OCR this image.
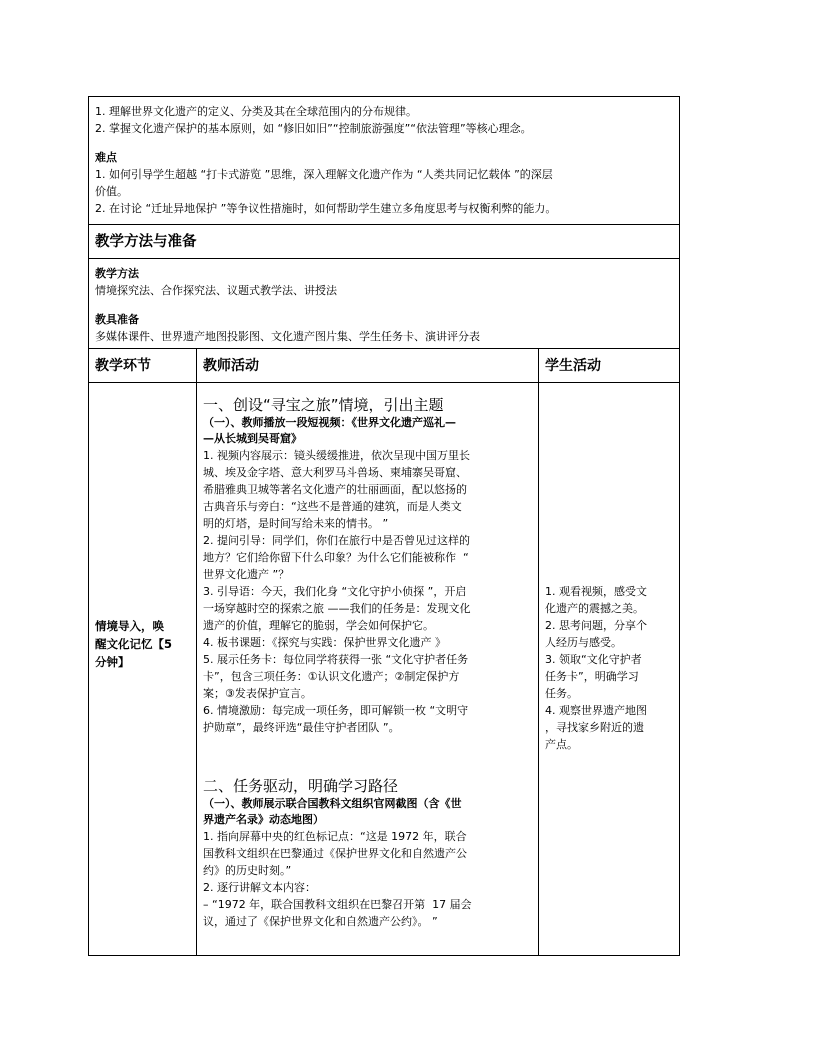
1. 理解世界文化遗产的定义、分类及其在全球范围内的分布规律。
2. 掌握文化遗产保护的基本原则，如 “修旧如旧”“控制旅游强度”“依法管理”等核心理念。
难点
1. 如何引导学生超越 “打卡式游览 ”思维，深入理解文化遗产作为 “人类共同记忆载体 ”的深层
价值。
2. 在讨论 “迁址异地保护 ”等争议性措施时，如何帮助学生建立多角度思考与权衡利弊的能力。
教学方法与准备
教学方法
情境探究法、合作探究法、议题式教学法、讲授法
教具准备
多媒体课件、世界遗产地图投影图、文化遗产图片集、学生任务卡、演讲评分表
教学环节	教师活动	学生活动
情境导入，唤
醒文化记忆【5
分钟】
一、创设“寻宝之旅”情境，引出主题
（一）、教师播放一段短视频：《世界文化遗产巡礼—
—从长城到吴哥窟》
1. 视频内容展示：镜头缓缓推进，依次呈现中国万里长
城、埃及金字塔、意大利罗马斗兽场、柬埔寨吴哥窟、
希腊雅典卫城等著名文化遗产的壮丽画面，配以悠扬的
古典音乐与旁白：“这些不是普通的建筑，而是人类文
明的灯塔，是时间写给未来的情书。 ”
2. 提问引导：同学们，你们在旅行中是否曾见过这样的
地方？它们给你留下什么印象？为什么它们能被称作  “
世界文化遗产 ”？
3. 引导语：今天，我们化身 “文化守护小侦探 ”，开启
一场穿越时空的探索之旅 ——我们的任务是：发现文化
遗产的价值，理解它的脆弱，学会如何保护它。
4. 板书课题：《探究与实践：保护世界文化遗产 》
5. 展示任务卡：每位同学将获得一张 “文化守护者任务
卡”，包含三项任务：①认识文化遗产；②制定保护方
案；③发表保护宣言。
6. 情境激励：每完成一项任务，即可解锁一枚 “文明守
护勋章”，最终评选“最佳守护者团队 ”。
二、任务驱动，明确学习路径
（一）、教师展示联合国教科文组织官网截图（含《世
界遗产名录》动态地图）
1. 指向屏幕中央的红色标记点：“这是 1972 年，联合
国教科文组织在巴黎通过《保护世界文化和自然遗产公
约》的历史时刻。”
2. 逐行讲解文本内容：
– “1972 年，联合国教科文组织在巴黎召开第  17 届会
议，通过了《保护世界文化和自然遗产公约》。 ”
1. 观看视频，感受文
化遗产的震撼之美。
2. 思考问题，分享个
人经历与感受。
3. 领取“文化守护者
任务卡”，明确学习
任务。
4. 观察世界遗产地图
，寻找家乡附近的遗
产点。
